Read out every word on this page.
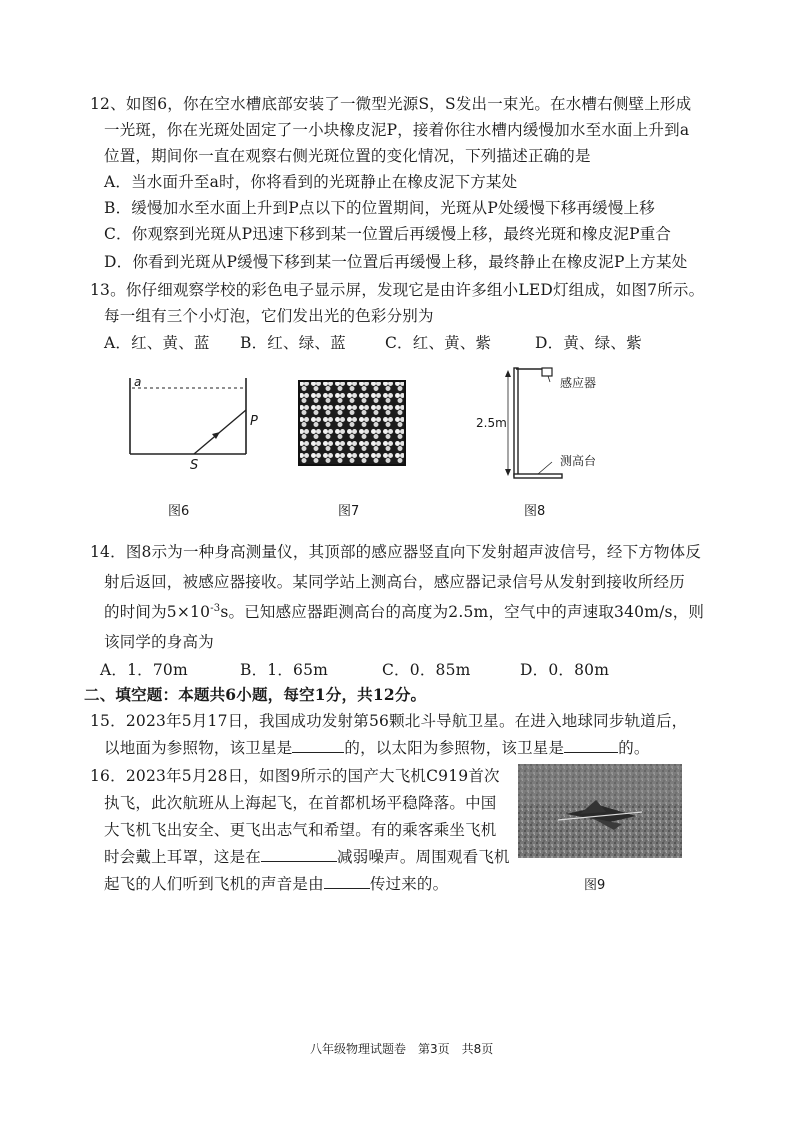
12、如图6，你在空水槽底部安装了一微型光源S，S发出一束光。在水槽右侧壁上形成
一光斑，你在光斑处固定了一小块橡皮泥P，接着你往水槽内缓慢加水至水面上升到a
位置，期间你一直在观察右侧光斑位置的变化情况，下列描述正确的是
A．当水面升至a时，你将看到的光斑静止在橡皮泥下方某处
B．缓慢加水至水面上升到P点以下的位置期间，光斑从P处缓慢下移再缓慢上移
C．你观察到光斑从P迅速下移到某一位置后再缓慢上移，最终光斑和橡皮泥P重合
D．你看到光斑从P缓慢下移到某一位置后再缓慢上移，最终静止在橡皮泥P上方某处
13。你仔细观察学校的彩色电子显示屏，发现它是由许多组小LED灯组成，如图7所示。
每一组有三个小灯泡，它们发出光的色彩分别为
A．红、黄、蓝 B．红、绿、蓝	C．红、黄、紫	D．黄、绿、紫
a
P
S
图6	图7
感应器
2.5m
测高台
图8
14．图8示为一种身高测量仪，其顶部的感应器竖直向下发射超声波信号，经下方物体反
射后返回，被感应器接收。某同学站上测高台，感应器记录信号从发射到接收所经历
的时间为$5\times 10^{-3}s$。已知感应器距测高台的高度为2.5m，空气中的声速取340m/s，则
该同学的身高为
A．1．70m	B．1．65m	C．0．85m	D．0．80m
二、填空题：本题共6小题，每空1分，共12分。
15．2023年5月17日，我国成功发射第56颗北斗导航卫星。在进入地球同步轨道后，
以地面为参照物，该卫星是	的，以太阳为参照物，该卫星是	的。
16．2023年5月28日，如图9所示的国产大飞机C919首次
执飞，此次航班从上海起飞，在首都机场平稳降落。中国
大飞机飞出安全、更飞出志气和希望。有的乘客乘坐飞机
时会戴上耳罩，这是在	减弱噪声。周围观看飞机
起飞的人们听到飞机的声音是由	传过来的。	图9
八年级物理试题卷　第3页　共8页
